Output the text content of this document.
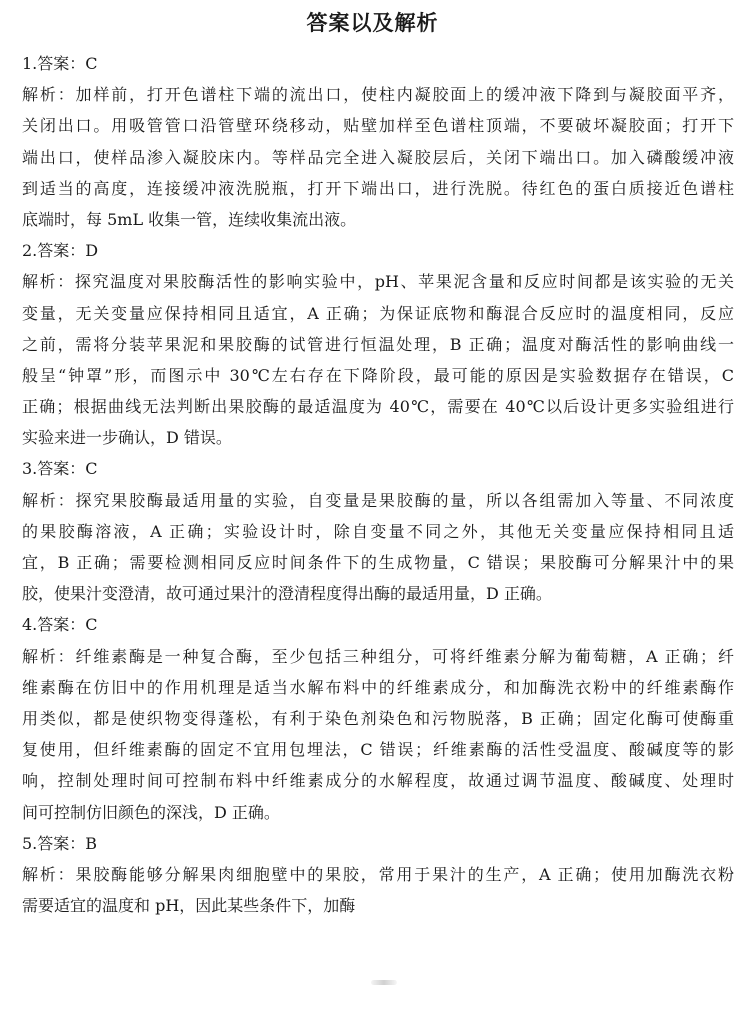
答案以及解析
1.答案：C
解析：加样前，打开色谱柱下端的流出口，使柱内凝胶面上的缓冲液下降到与凝胶面平齐，
关闭出口。用吸管管口沿管壁环绕移动，贴壁加样至色谱柱顶端，不要破坏凝胶面；打开下
端出口，使样品渗入凝胶床内。等样品完全进入凝胶层后，关闭下端出口。加入磷酸缓冲液
到适当的高度，连接缓冲液洗脱瓶，打开下端出口，进行洗脱。待红色的蛋白质接近色谱柱
底端时，每 5mL 收集一管，连续收集流出液。
2.答案：D
解析：探究温度对果胶酶活性的影响实验中，pH、苹果泥含量和反应时间都是该实验的无关
变量，无关变量应保持相同且适宜，A 正确；为保证底物和酶混合反应时的温度相同，反应
之前，需将分装苹果泥和果胶酶的试管进行恒温处理，B 正确；温度对酶活性的影响曲线一
般呈“钟罩”形，而图示中 30℃左右存在下降阶段，最可能的原因是实验数据存在错误，C
正确；根据曲线无法判断出果胶酶的最适温度为 40℃，需要在 40℃以后设计更多实验组进行
实验来进一步确认，D 错误。
3.答案：C
解析：探究果胶酶最适用量的实验，自变量是果胶酶的量，所以各组需加入等量、不同浓度
的果胶酶溶液，A 正确；实验设计时，除自变量不同之外，其他无关变量应保持相同且适
宜，B 正确；需要检测相同反应时间条件下的生成物量，C 错误；果胶酶可分解果汁中的果
胶，使果汁变澄清，故可通过果汁的澄清程度得出酶的最适用量，D 正确。
4.答案：C
解析：纤维素酶是一种复合酶，至少包括三种组分，可将纤维素分解为葡萄糖，A 正确；纤
维素酶在仿旧中的作用机理是适当水解布料中的纤维素成分，和加酶洗衣粉中的纤维素酶作
用类似，都是使织物变得蓬松，有利于染色剂染色和污物脱落，B 正确；固定化酶可使酶重
复使用，但纤维素酶的固定不宜用包埋法，C 错误；纤维素酶的活性受温度、酸碱度等的影
响，控制处理时间可控制布料中纤维素成分的水解程度，故通过调节温度、酸碱度、处理时
间可控制仿旧颜色的深浅，D 正确。
5.答案：B
解析：果胶酶能够分解果肉细胞壁中的果胶，常用于果汁的生产，A 正确；使用加酶洗衣粉
需要适宜的温度和 pH，因此某些条件下，加酶
